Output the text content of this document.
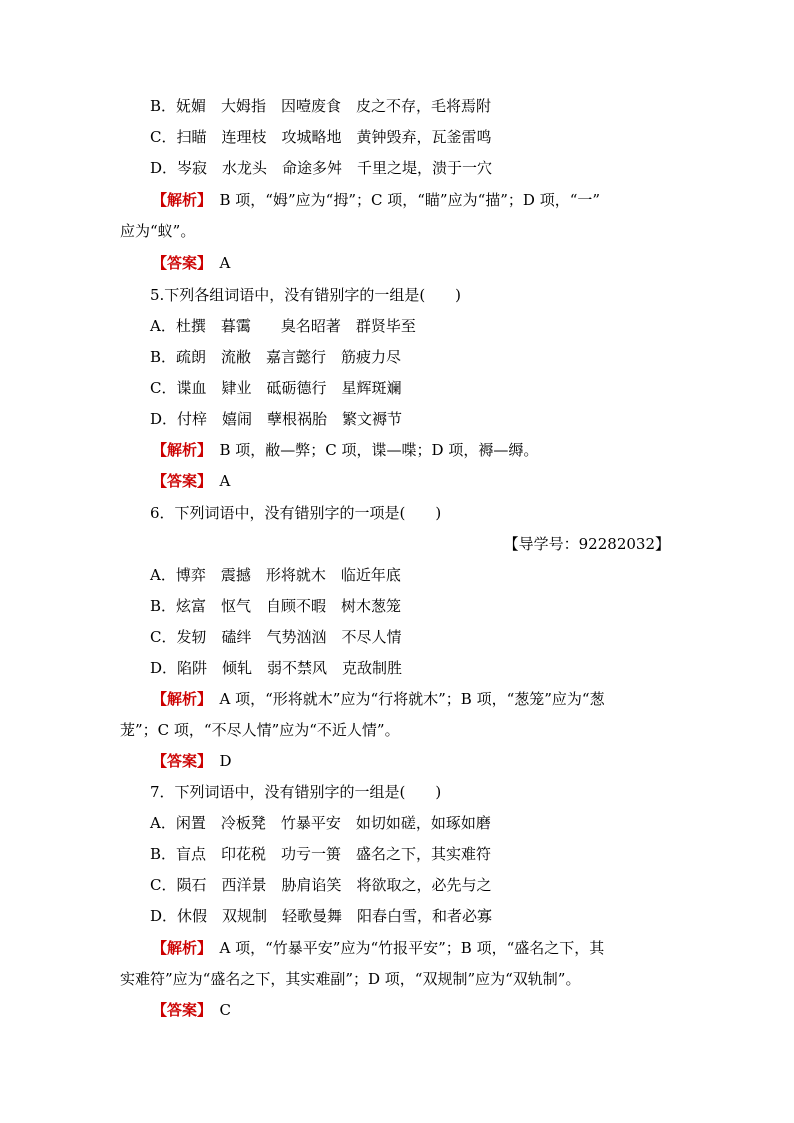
B．妩媚　大姆指　因噎废食　皮之不存，毛将焉附
C．扫瞄　连理枝　攻城略地　黄钟毁弃，瓦釜雷鸣
D．岑寂　水龙头　命途多舛　千里之堤，溃于一穴
【解析】　B 项，“姆”应为“拇”；C 项，“瞄”应为“描”；D 项，“一”
应为“蚁”。
【答案】　A
5.下列各组词语中，没有错别字的一组是(　　)
A．杜撰　暮霭　　臭名昭著　群贤毕至
B．疏朗　流敝　嘉言懿行　筋疲力尽
C．谍血　肄业　砥砺德行　星辉斑斓
D．付梓　嬉闹　孽根祸胎　繁文褥节
【解析】　B 项，敝—弊；C 项，谍—喋；D 项，褥—缛。
【答案】　A
6．下列词语中，没有错别字的一项是(　　)
【导学号：92282032】
A．博弈　震撼　形将就木　临近年底
B．炫富　怄气　自顾不暇　树木葱笼
C．发轫　磕绊　气势汹汹　不尽人情
D．陷阱　倾轧　弱不禁风　克敌制胜
【解析】　A 项，“形将就木”应为“行将就木”；B 项，“葱笼”应为“葱
茏”；C 项，“不尽人情”应为“不近人情”。
【答案】　D
7．下列词语中，没有错别字的一组是(　　)
A．闲置　冷板凳　竹暴平安　如切如磋，如琢如磨
B．盲点　印花税　功亏一篑　盛名之下，其实难符
C．陨石　西洋景　胁肩谄笑　将欲取之，必先与之
D．休假　双规制　轻歌曼舞　阳春白雪，和者必寡
【解析】　A 项，“竹暴平安”应为“竹报平安”；B 项，“盛名之下，其
实难符”应为“盛名之下，其实难副”；D 项，“双规制”应为“双轨制”。
【答案】　C
